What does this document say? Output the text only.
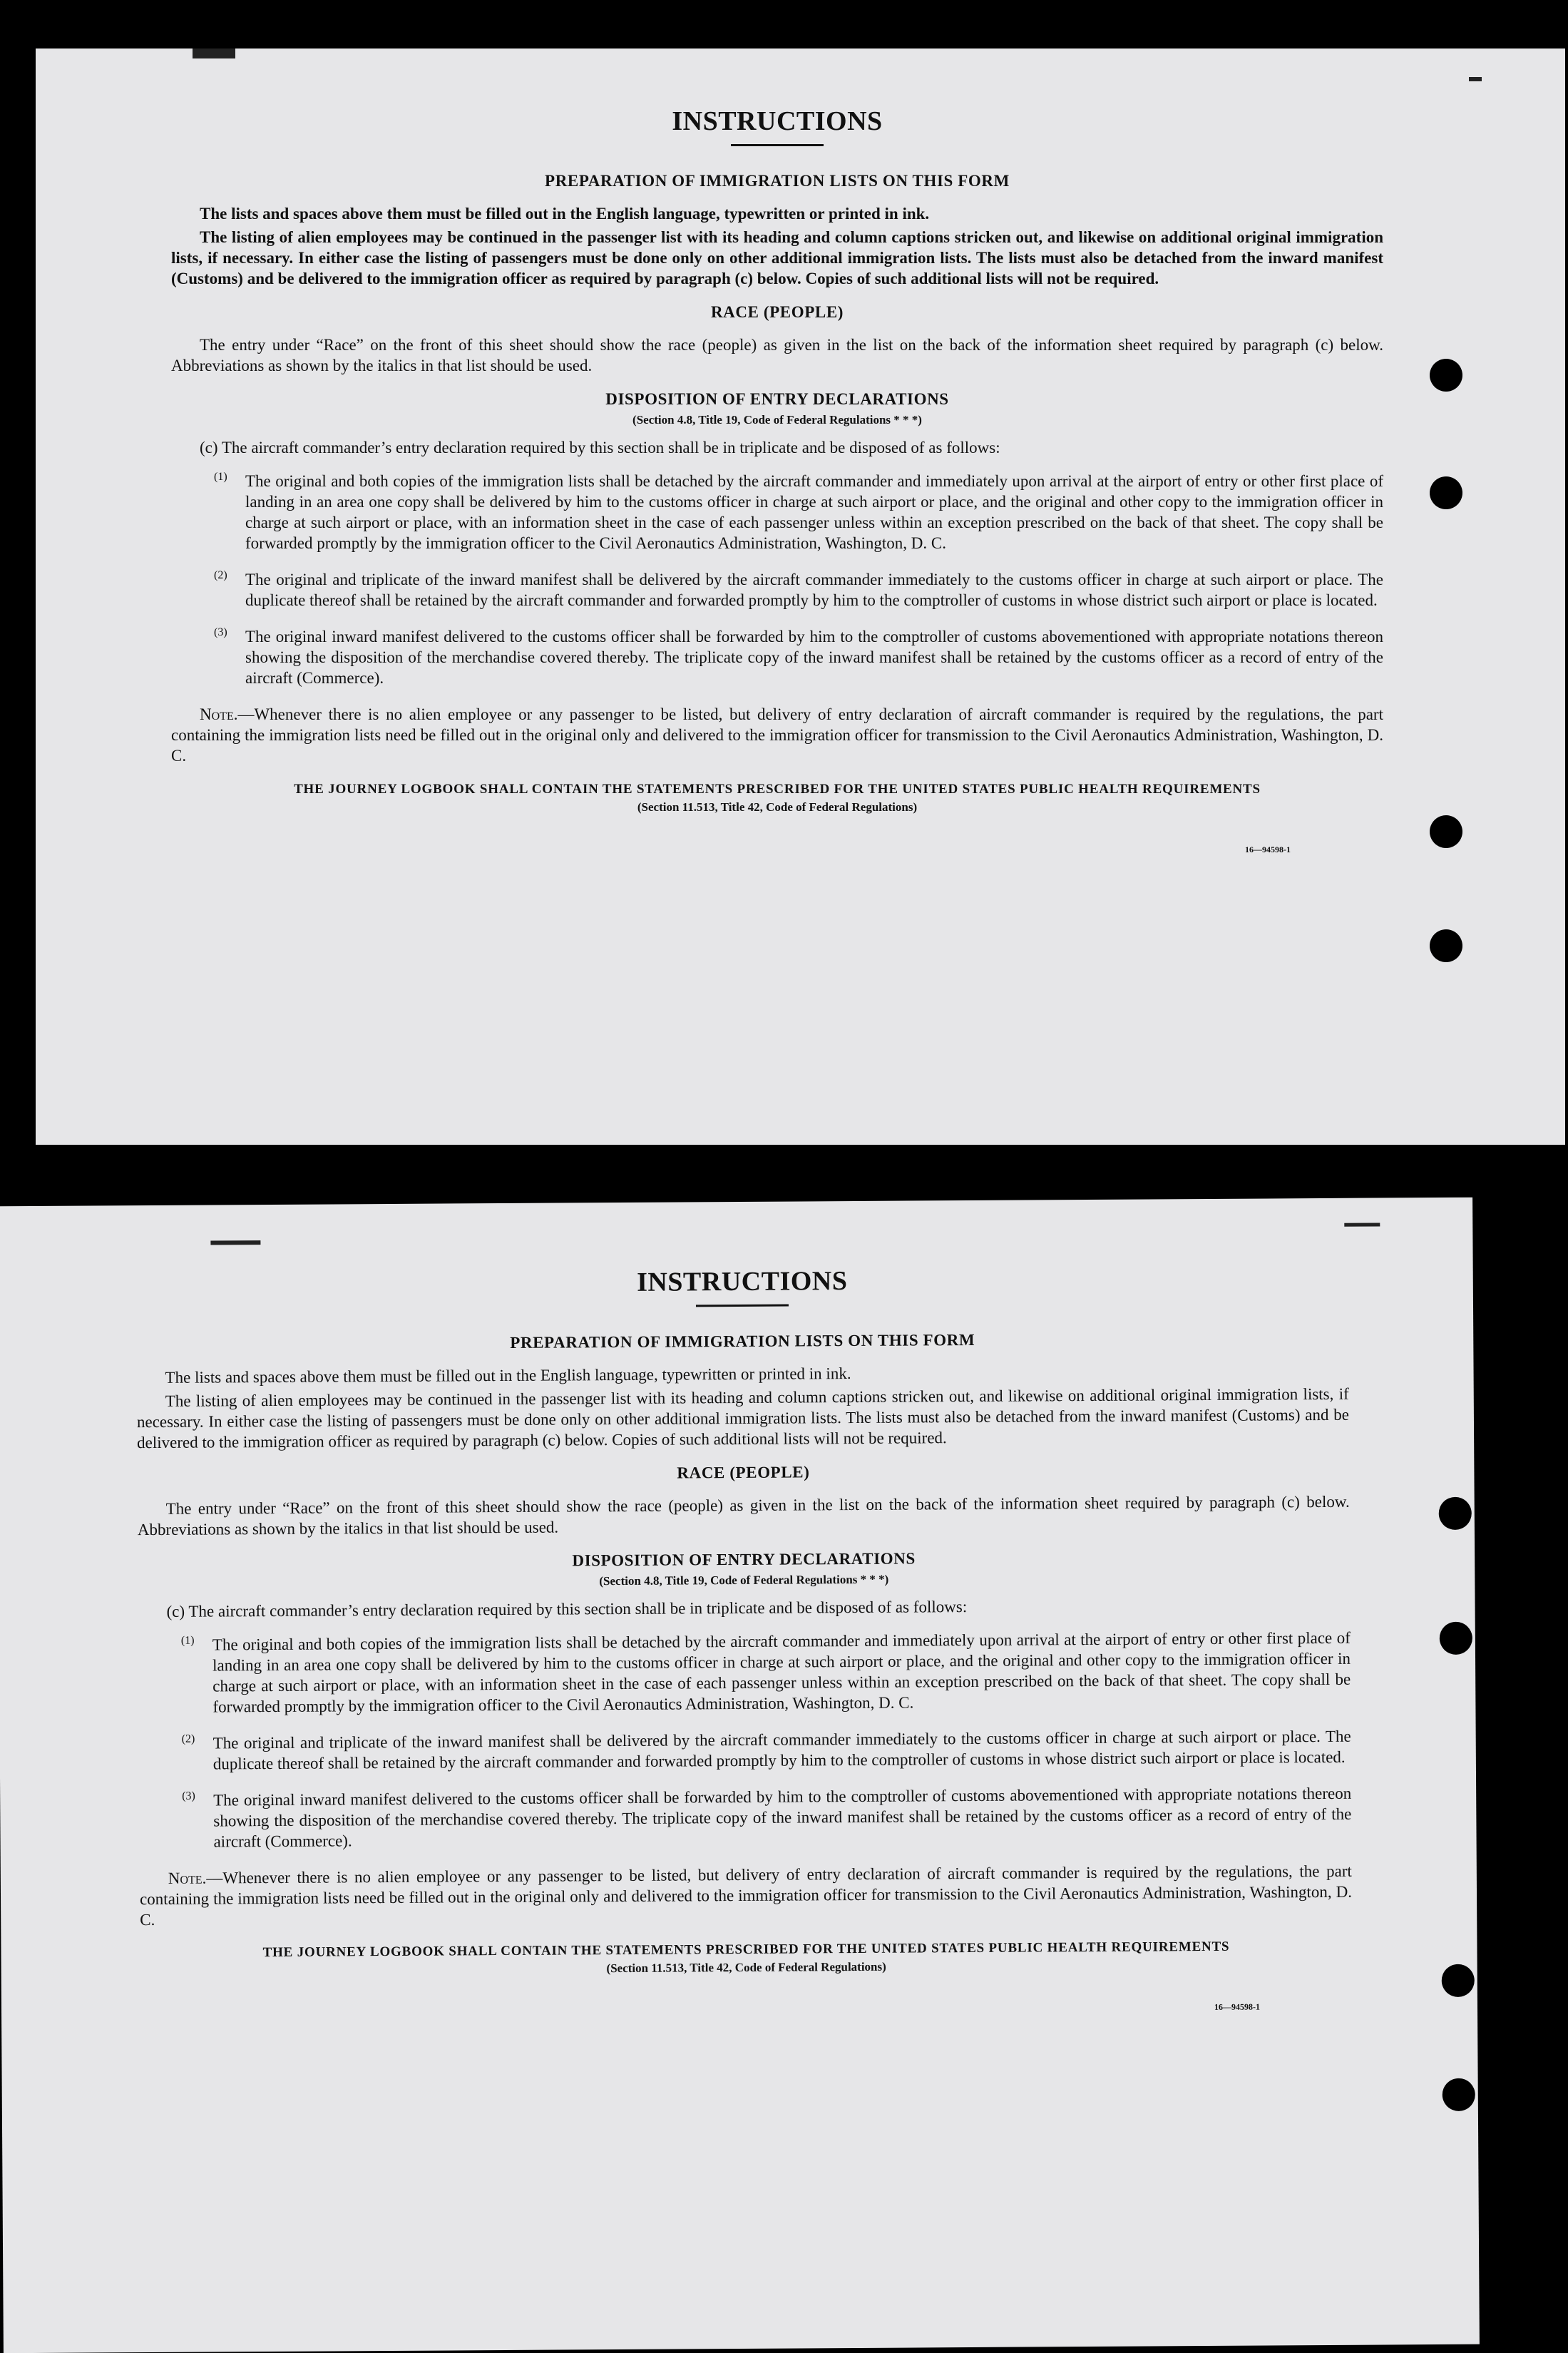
INSTRUCTIONS
PREPARATION OF IMMIGRATION LISTS ON THIS FORM

The lists and spaces above them must be filled out in the English language, typewritten or printed in ink.

The listing of alien employees may be continued in the passenger list with its heading and column captions stricken out, and likewise on additional original immigration lists, if necessary. In either case the listing of passengers must be done only on other additional immigration lists. The lists must also be detached from the inward manifest (Customs) and be delivered to the immigration officer as required by paragraph (c) below. Copies of such additional lists will not be required.

RACE (PEOPLE)

The entry under “Race” on the front of this sheet should show the race (people) as given in the list on the back of the information sheet required by paragraph (c) below. Abbreviations as shown by the italics in that list should be used.

DISPOSITION OF ENTRY DECLARATIONS
(Section 4.8, Title 19, Code of Federal Regulations * * *)

(c) The aircraft commander’s entry declaration required by this section shall be in triplicate and be disposed of as follows:

(1)	The original and both copies of the immigration lists shall be detached by the aircraft commander and immediately upon arrival at the airport of entry or other first place of landing in an area one copy shall be delivered by him to the customs officer in charge at such airport or place, and the original and other copy to the immigration officer in charge at such airport or place, with an information sheet in the case of each passenger unless within an exception prescribed on the back of that sheet. The copy shall be forwarded promptly by the immigration officer to the Civil Aeronautics Administration, Washington, D. C.

(2)	The original and triplicate of the inward manifest shall be delivered by the aircraft commander immediately to the customs officer in charge at such airport or place. The duplicate thereof shall be retained by the aircraft commander and forwarded promptly by him to the comptroller of customs in whose district such airport or place is located.

(3)	The original inward manifest delivered to the customs officer shall be forwarded by him to the comptroller of customs abovementioned with appropriate notations thereon showing the disposition of the merchandise covered thereby. The triplicate copy of the inward manifest shall be retained by the customs officer as a record of entry of the aircraft (Commerce).

Note.—Whenever there is no alien employee or any passenger to be listed, but delivery of entry declaration of aircraft commander is required by the regulations, the part containing the immigration lists need be filled out in the original only and delivered to the immigration officer for transmission to the Civil Aeronautics Administration, Washington, D. C.

THE JOURNEY LOGBOOK SHALL CONTAIN THE STATEMENTS PRESCRIBED FOR THE UNITED STATES PUBLIC HEALTH REQUIREMENTS
(Section 11.513, Title 42, Code of Federal Regulations)
16—94598-1
INSTRUCTIONS
PREPARATION OF IMMIGRATION LISTS ON THIS FORM

The lists and spaces above them must be filled out in the English language, typewritten or printed in ink.

The listing of alien employees may be continued in the passenger list with its heading and column captions stricken out, and likewise on additional original immigration lists, if necessary. In either case the listing of passengers must be done only on other additional immigration lists. The lists must also be detached from the inward manifest (Customs) and be delivered to the immigration officer as required by paragraph (c) below. Copies of such additional lists will not be required.

RACE (PEOPLE)

The entry under “Race” on the front of this sheet should show the race (people) as given in the list on the back of the information sheet required by paragraph (c) below. Abbreviations as shown by the italics in that list should be used.

DISPOSITION OF ENTRY DECLARATIONS
(Section 4.8, Title 19, Code of Federal Regulations * * *)

(c) The aircraft commander’s entry declaration required by this section shall be in triplicate and be disposed of as follows:

(1)	The original and both copies of the immigration lists shall be detached by the aircraft commander and immediately upon arrival at the airport of entry or other first place of landing in an area one copy shall be delivered by him to the customs officer in charge at such airport or place, and the original and other copy to the immigration officer in charge at such airport or place, with an information sheet in the case of each passenger unless within an exception prescribed on the back of that sheet. The copy shall be forwarded promptly by the immigration officer to the Civil Aeronautics Administration, Washington, D. C.

(2)	The original and triplicate of the inward manifest shall be delivered by the aircraft commander immediately to the customs officer in charge at such airport or place. The duplicate thereof shall be retained by the aircraft commander and forwarded promptly by him to the comptroller of customs in whose district such airport or place is located.

(3)	The original inward manifest delivered to the customs officer shall be forwarded by him to the comptroller of customs abovementioned with appropriate notations thereon showing the disposition of the merchandise covered thereby. The triplicate copy of the inward manifest shall be retained by the customs officer as a record of entry of the aircraft (Commerce).

Note.—Whenever there is no alien employee or any passenger to be listed, but delivery of entry declaration of aircraft commander is required by the regulations, the part containing the immigration lists need be filled out in the original only and delivered to the immigration officer for transmission to the Civil Aeronautics Administration, Washington, D. C.

THE JOURNEY LOGBOOK SHALL CONTAIN THE STATEMENTS PRESCRIBED FOR THE UNITED STATES PUBLIC HEALTH REQUIREMENTS
(Section 11.513, Title 42, Code of Federal Regulations)
16—94598-1
